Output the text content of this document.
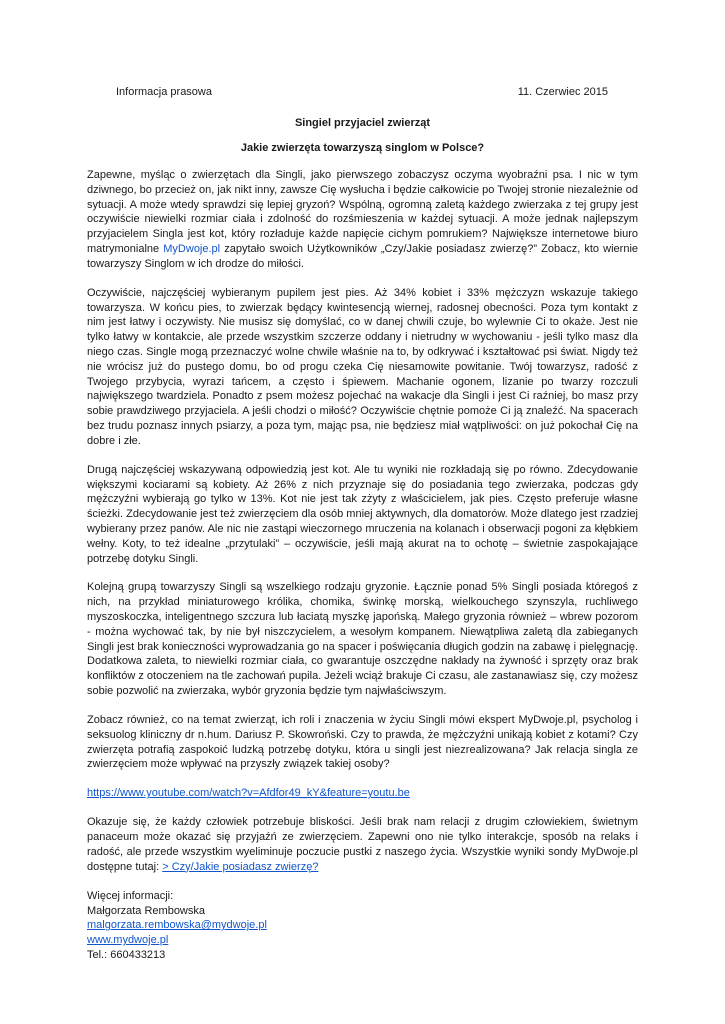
Informacja prasowa	11. Czerwiec 2015
Singiel przyjaciel zwierząt
Jakie zwierzęta towarzyszą singlom w Polsce?

Zapewne, myśląc o zwierzętach dla Singli, jako pierwszego zobaczysz oczyma wyobraźni psa. I nic w tym dziwnego, bo przecież on, jak nikt inny, zawsze Cię wysłucha i będzie całkowicie po Twojej stronie niezależnie od sytuacji. A może wtedy sprawdzi się lepiej gryzoń? Wspólną, ogromną zaletą każdego zwierzaka z tej grupy jest oczywiście niewielki rozmiar ciała i zdolność do rozśmieszenia w każdej sytuacji. A może jednak najlepszym przyjacielem Singla jest kot, który rozładuje każde napięcie cichym pomrukiem? Największe internetowe biuro matrymonialne MyDwoje.pl zapytało swoich Użytkowników „Czy/Jakie posiadasz zwierzę?” Zobacz, kto wiernie towarzyszy Singlom w ich drodze do miłości.

Oczywiście, najczęściej wybieranym pupilem jest pies. Aż 34% kobiet i 33% mężczyzn wskazuje takiego towarzysza. W końcu pies, to zwierzak będący kwintesencją wiernej, radosnej obecności. Poza tym kontakt z nim jest łatwy i oczywisty. Nie musisz się domyślać, co w danej chwili czuje, bo wylewnie Ci to okaże. Jest nie tylko łatwy w kontakcie, ale przede wszystkim szczerze oddany i nietrudny w wychowaniu - jeśli tylko masz dla niego czas. Single mogą przeznaczyć wolne chwile właśnie na to, by odkrywać i kształtować psi świat. Nigdy też nie wrócisz już do pustego domu, bo od progu czeka Cię niesamowite powitanie. Twój towarzysz, radość z Twojego przybycia, wyrazi tańcem, a często i śpiewem. Machanie ogonem, lizanie po twarzy rozczuli największego twardziela. Ponadto z psem możesz pojechać na wakacje dla Singli i jest Ci raźniej, bo masz przy sobie prawdziwego przyjaciela. A jeśli chodzi o miłość? Oczywiście chętnie pomoże Ci ją znaleźć. Na spacerach bez trudu poznasz innych psiarzy, a poza tym, mając psa, nie będziesz miał wątpliwości: on już pokochał Cię na dobre i złe.

Drugą najczęściej wskazywaną odpowiedzią jest kot. Ale tu wyniki nie rozkładają się po równo. Zdecydowanie większymi kociarami są kobiety. Aż 26% z nich przyznaje się do posiadania tego zwierzaka, podczas gdy mężczyźni wybierają go tylko w 13%. Kot nie jest tak zżyty z właścicielem, jak pies. Często preferuje własne ścieżki. Zdecydowanie jest też zwierzęciem dla osób mniej aktywnych, dla domatorów. Może dlatego jest rzadziej wybierany przez panów. Ale nic nie zastąpi wieczornego mruczenia na kolanach i obserwacji pogoni za kłębkiem wełny. Koty, to też idealne „przytulaki” – oczywiście, jeśli mają akurat na to ochotę – świetnie zaspokajające potrzebę dotyku Singli.

Kolejną grupą towarzyszy Singli są wszelkiego rodzaju gryzonie. Łącznie ponad 5% Singli posiada któregoś z nich, na przykład miniaturowego królika, chomika, świnkę morską, wielkouchego szynszyla, ruchliwego myszoskoczka, inteligentnego szczura lub łaciatą myszkę japońską. Małego gryzonia również – wbrew pozorom - można wychować tak, by nie był niszczycielem, a wesołym kompanem. Niewątpliwa zaletą dla zabieganych Singli jest brak konieczności wyprowadzania go na spacer i poświęcania długich godzin na zabawę i pielęgnację. Dodatkowa zaleta, to niewielki rozmiar ciała, co gwarantuje oszczędne nakłady na żywność i sprzęty oraz brak konfliktów z otoczeniem na tle zachowań pupila. Jeżeli wciąż brakuje Ci czasu, ale zastanawiasz się, czy możesz sobie pozwolić na zwierzaka, wybór gryzonia będzie tym najwłaściwszym.

Zobacz również, co na temat zwierząt, ich roli i znaczenia w życiu Singli mówi ekspert MyDwoje.pl, psycholog i seksuolog kliniczny dr n.hum. Dariusz P. Skowroński. Czy to prawda, że mężczyźni unikają kobiet z kotami? Czy zwierzęta potrafią zaspokoić ludzką potrzebę dotyku, która u singli jest niezrealizowana? Jak relacja singla ze zwierzęciem może wpływać na przyszły związek takiej osoby?

https://www.youtube.com/watch?v=Afdfor49_kY&feature=youtu.be

Okazuje się, że każdy człowiek potrzebuje bliskości. Jeśli brak nam relacji z drugim człowiekiem, świetnym panaceum może okazać się przyjaźń ze zwierzęciem. Zapewni ono nie tylko interakcje, sposób na relaks i radość, ale przede wszystkim wyeliminuje poczucie pustki z naszego życia. Wszystkie wyniki sondy MyDwoje.pl dostępne tutaj: > Czy/Jakie posiadasz zwierzę?

Więcej informacji:
Małgorzata Rembowska
malgorzata.rembowska@mydwoje.pl
www.mydwoje.pl
Tel.: 660433213
